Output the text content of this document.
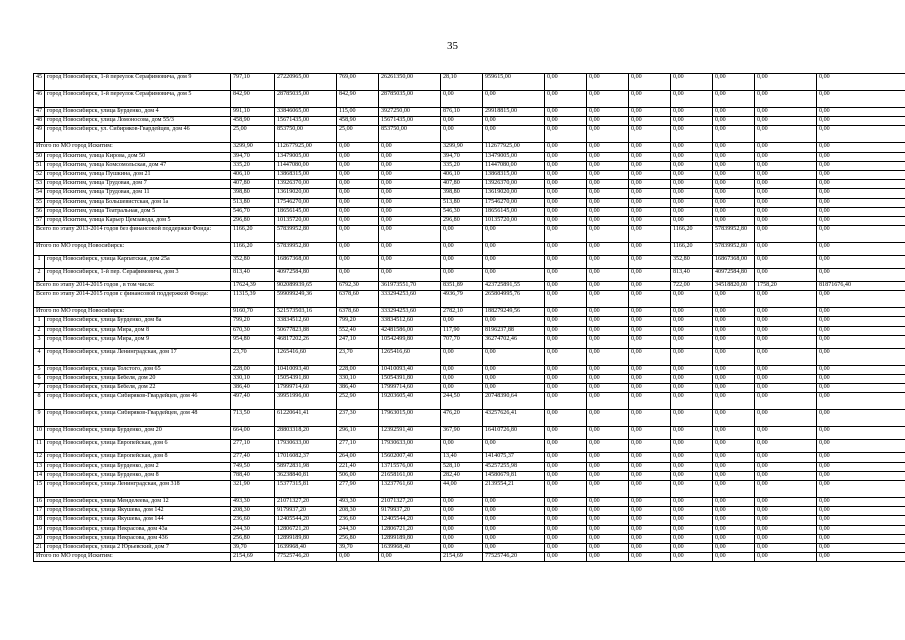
35
45	город Новосибирск, 1-й переулок Серафимовича, дом 9	797,10	27220965,00	769,00	26261350,00	28,10	959615,00	0,00	0,00	0,00	0,00	0,00	0,00	0,00
46	город Новосибирск, 1-й переулок Серафимовича, дом 5	842,90	28785035,00	842,90	28785035,00	0,00	0,00	0,00	0,00	0,00	0,00	0,00	0,00	0,00
47	город Новосибирск, улица Бурденко, дом 4	991,10	33846065,00	115,00	3927250,00	876,10	29918815,00	0,00	0,00	0,00	0,00	0,00	0,00	0,00
48	город Новосибирск, улица Ломоносова, дом 55/3	458,90	15671435,00	458,90	15671435,00	0,00	0,00	0,00	0,00	0,00	0,00	0,00	0,00	0,00
49	город Новосибирск, ул. Сибиряков-Гвардейцев, дом 46	25,00	853750,00	25,00	853750,00	0,00	0,00	0,00	0,00	0,00	0,00	0,00	0,00	0,00
Итого по МО город Искитим:		3299,90	112677925,00	0,00	0,00	3299,90	112677925,00	0,00	0,00	0,00	0,00	0,00	0,00	0,00
50	город Искитим, улица Кирова, дом 50	394,70	13479005,00	0,00	0,00	394,70	13479005,00	0,00	0,00	0,00	0,00	0,00	0,00	0,00
51	город Искитим, улица Комсомольская, дом 47	335,20	11447080,00	0,00	0,00	335,20	11447080,00	0,00	0,00	0,00	0,00	0,00	0,00	0,00
52	город Искитим, улица Пушкина, дом 21	406,10	13868315,00	0,00	0,00	406,10	13868315,00	0,00	0,00	0,00	0,00	0,00	0,00	0,00
53	город Искитим, улица Трудовая, дом 7	407,80	13926370,00	0,00	0,00	407,80	13926370,00	0,00	0,00	0,00	0,00	0,00	0,00	0,00
54	город Искитим, улица Трудовая, дом 11	398,80	13619020,00	0,00	0,00	398,80	13619020,00	0,00	0,00	0,00	0,00	0,00	0,00	0,00
55	город Искитим, улица Большевистская, дом 1а	513,80	17546270,00	0,00	0,00	513,80	17546270,00	0,00	0,00	0,00	0,00	0,00	0,00	0,00
56	город Искитим, улица Театральная, дом 5	546,70	18656145,00	0,00	0,00	546,30	18656145,00	0,00	0,00	0,00	0,00	0,00	0,00	0,00
57	город Искитим, улица Карьер Цемзавода, дом 5	296,80	10135720,00	0,00	0,00	296,80	10135720,00	0,00	0,00	0,00	0,00	0,00	0,00	0,00
Всего по этапу 2013-2014 годов без финансовой поддержки Фонда:		1166,20	57839952,80	0,00	0,00	0,00	0,00	0,00	0,00	0,00	1166,20	57839952,80	0,00	0,00
Итого по МО город Новосибирск:		1166,20	57839952,80	0,00	0,00	0,00	0,00	0,00	0,00	0,00	1166,20	57839952,80	0,00	0,00
1	город Новосибирск, улица Карпатская, дом 25а	352,80	16867368,00	0,00	0,00	0,00	0,00	0,00	0,00	0,00	352,80	16867368,00	0,00	0,00
2	город Новосибирск, 1-й пер. Серафимовича, дом 3	813,40	40972584,80	0,00	0,00	0,00	0,00	0,00	0,00	0,00	813,40	40972584,80	0,00	0,00
Всего по этапу 2014-2015 годов , в том числе:		17624,39	902089939,65	6792,30	361973551,70	8351,89	423725891,55	0,00	0,00	0,00	722,00	34518820,00	1758,20	81871676,40
Всего по этапу 2014-2015 годов с финансовой поддержкой Фонда:		11315,39	599099249,36	6378,60	333294253,60	4936,79	265804995,76	0,00	0,00	0,00	0,00	0,00	0,00	0,00
Итого по МО город Новосибирск:		9160,70	521573503,16	6378,60	333294253,60	2782,10	188279249,56	0,00	0,00	0,00	0,00	0,00	0,00	0,00
1	город Новосибирск, улица Бурденко, дом 8а	799,20	33834512,60	799,20	33834512,60	0,00	0,00	0,00	0,00	0,00	0,00	0,00	0,00	0,00
2	город Новосибирск, улица Мира, дом 8	670,30	50677823,88	552,40	42481586,00	117,90	8196237,88	0,00	0,00	0,00	0,00	0,00	0,00	0,00
3	город Новосибирск, улица Мира, дом 9	954,80	46817202,26	247,10	10542499,80	707,70	36274702,46	0,00	0,00	0,00	0,00	0,00	0,00	0,00
4	город Новосибирск, улица Ленинградская, дом 17	23,70	1265416,60	23,70	1265416,60	0,00	0,00	0,00	0,00	0,00	0,00	0,00	0,00	0,00
5	город Новосибирск, улица Толстого, дом 65	228,00	10410093,40	228,00	10410093,40	0,00	0,00	0,00	0,00	0,00	0,00	0,00	0,00	0,00
6	город Новосибирск, улица Бебеля, дом 20	330,10	15054391,80	330,10	15054391,80	0,00	0,00	0,00	0,00	0,00	0,00	0,00	0,00	0,00
7	город Новосибирск, улица Бебеля, дом 22	386,40	17999714,60	386,40	17999714,60	0,00	0,00	0,00	0,00	0,00	0,00	0,00	0,00	0,00
8	город Новосибирск, улица Сибиряков-Гвардейцев, дом 46	497,40	39951996,00	252,90	19203605,40	244,50	20748390,64	0,00	0,00	0,00	0,00	0,00	0,00	0,00
9	город Новосибирск, улица Сибиряков-Гвардейцев, дом 48	713,50	61220641,41	237,30	17963015,00	476,20	43257626,41	0,00	0,00	0,00	0,00	0,00	0,00	0,00
10	город Новосибирск, улица Бурденко, дом 20	664,00	28803318,20	296,10	12392591,40	367,90	16410726,80	0,00	0,00	0,00	0,00	0,00	0,00	0,00
11	город Новосибирск, улица Европейская, дом 6	277,10	17930633,00	277,10	17930633,00	0,00	0,00	0,00	0,00	0,00	0,00	0,00	0,00	0,00
12	город Новосибирск, улица Европейская, дом 8	277,40	17016082,37	264,00	15602007,40	13,40	1414075,37	0,00	0,00	0,00	0,00	0,00	0,00	0,00
13	город Новосибирск, улица Бурденко, дом 2	749,50	58972831,98	221,40	13715576,00	528,10	45257255,98	0,00	0,00	0,00	0,00	0,00	0,00	0,00
14	город Новосибирск, улица Бурденко, дом 8	788,40	36238840,81	506,00	21658161,00	282,40	14580679,81	0,00	0,00	0,00	0,00	0,00	0,00	0,00
15	город Новосибирск, улица Ленинградская, дом 318	321,90	15377315,81	277,90	13237761,60	44,00	2139554,21	0,00	0,00	0,00	0,00	0,00	0,00	0,00
16	город Новосибирск, улица Менделеева, дом 12	493,30	21071327,20	493,30	21071327,20	0,00	0,00	0,00	0,00	0,00	0,00	0,00	0,00	0,00
17	город Новосибирск, улица Якушева, дом 142	208,30	9179937,20	208,30	9179937,20	0,00	0,00	0,00	0,00	0,00	0,00	0,00	0,00	0,00
18	город Новосибирск, улица Якушева, дом 144	236,60	12405544,20	236,60	12405544,20	0,00	0,00	0,00	0,00	0,00	0,00	0,00	0,00	0,00
19	город Новосибирск, улица Некрасова, дом 43а	244,30	12806721,20	244,30	12806721,20	0,00	0,00	0,00	0,00	0,00	0,00	0,00	0,00	0,00
20	город Новосибирск, улица Некрасова, дом 436	256,80	12899189,80	256,80	12899189,80	0,00	0,00	0,00	0,00	0,00	0,00	0,00	0,00	0,00
21	город Новосибирск, улица 2 Юрьевский, дом 7	39,70	1639968,40	39,70	1639968,40	0,00	0,00	0,00	0,00	0,00	0,00	0,00	0,00	0,00
Итого по МО город Искитим:		2154,69	77525746,20	0,00	0,00	2154,69	77525746,20	0,00	0,00	0,00	0,00	0,00	0,00	0,00
